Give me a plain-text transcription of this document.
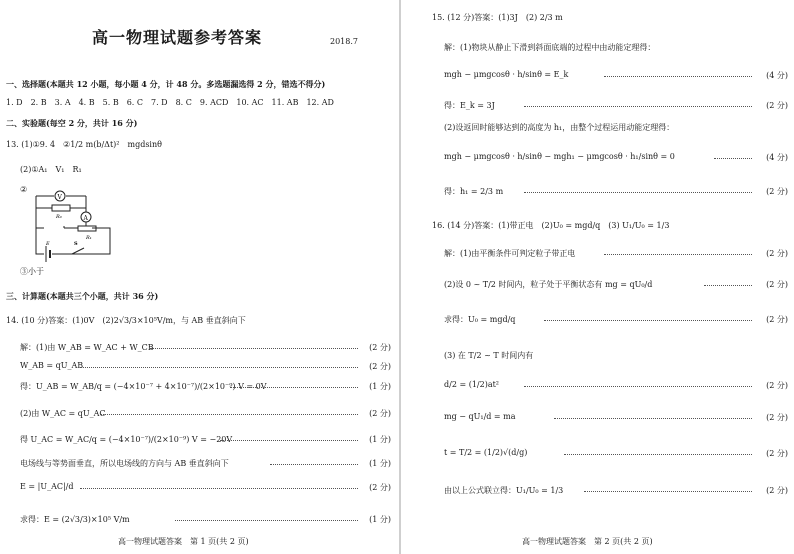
高一物理试题参考答案	2018.7
一、选择题(本题共 12 小题，每小题 4 分，计 48 分。多选题漏选得 2 分，错选不得分)
1. D　2. B　3. A　4. B　5. B　6. C　7. D　8. C　9. ACD　10. AC　11. AB　12. AD
二、实验题(每空 2 分，共计 16 分)
13. (1)①9. 4　②1/2 m(b/Δt)²　mgdsinθ
(2)①A₁　V₁　R₁
②
V
A
R₀
R₁
E	S
③小于
三、计算题(本题共三个小题，共计 36 分)
14. (10 分)答案：(1)0V　(2)2√3/3×10⁵V/m，与 AB 垂直斜向下
解：(1)由 W_AB = W_AC + W_CB	(2 分)
W_AB = qU_AB	(2 分)
得：U_AB = W_AB/q = (−4×10⁻⁷ + 4×10⁻⁷)/(2×10⁻⁹) V = 0V	(1 分)
(2)由 W_AC = qU_AC	(2 分)
得 U_AC = W_AC/q = (−4×10⁻⁷)/(2×10⁻⁹) V = −20V	(1 分)
电场线与等势面垂直，所以电场线的方向与 AB 垂直斜向下	(1 分)
E = |U_AC|/d	(2 分)
求得：E = (2√3/3)×10⁵ V/m	(1 分)
高一物理试题答案　第 1 页(共 2 页)
15. (12 分)答案：(1)3J　(2) 2/3 m
解：(1)物块从静止下滑到斜面底端的过程中由动能定理得：
mgh − μmgcosθ · h/sinθ = E_k	(4 分)
得：E_k = 3J	(2 分)
(2)设返回时能够达到的高度为 h₁，由整个过程运用动能定理得：
mgh − μmgcosθ · h/sinθ − mgh₁ − μmgcosθ · h₁/sinθ = 0	(4 分)
得：h₁ = 2/3 m	(2 分)
16. (14 分)答案：(1)带正电　(2)U₀ = mgd/q　(3) U₁/U₀ = 1/3
解：(1)由平衡条件可判定粒子带正电	(2 分)
(2)设 0 ~ T/2 时间内，粒子处于平衡状态有 mg = qU₀/d	(2 分)
求得：U₀ = mgd/q	(2 分)
(3) 在 T/2 ~ T 时间内有
d/2 = (1/2)at²	(2 分)
mg − qU₁/d = ma	(2 分)
t = T/2 = (1/2)√(d/g)	(2 分)
由以上公式联立得：U₁/U₀ = 1/3	(2 分)
高一物理试题答案　第 2 页(共 2 页)
